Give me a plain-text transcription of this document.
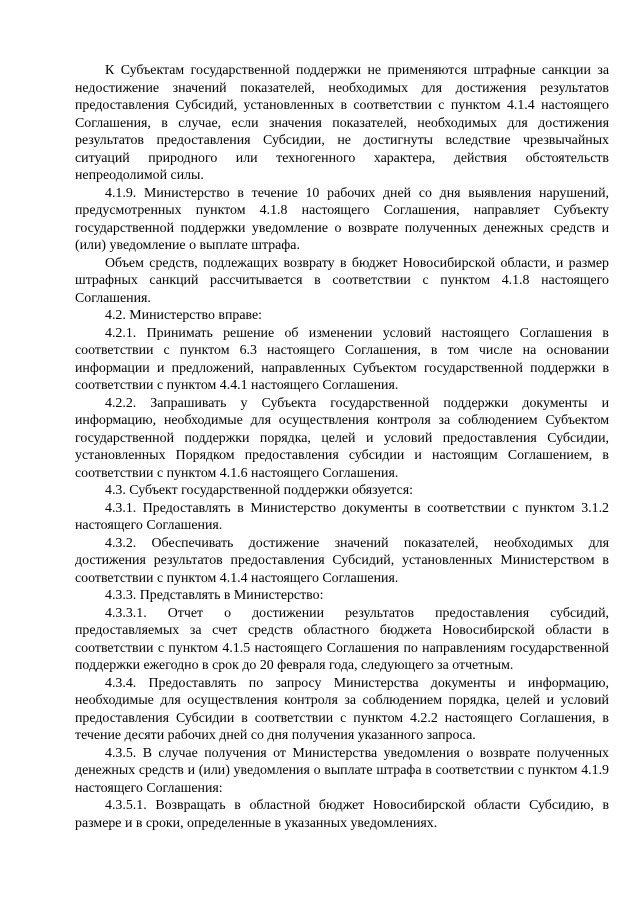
К Субъектам государственной поддержки не применяются штрафные санкции за недостижение значений показателей, необходимых для достижения результатов предоставления Субсидий, установленных в соответствии с пунктом 4.1.4 настоящего Соглашения, в случае, если значения показателей, необходимых для достижения результатов предоставления Субсидии, не достигнуты вследствие чрезвычайных ситуаций природного или техногенного характера, действия обстоятельств непреодолимой силы.

4.1.9. Министерство в течение 10 рабочих дней со дня выявления нарушений, предусмотренных пунктом 4.1.8 настоящего Соглашения, направляет Субъекту государственной поддержки уведомление о возврате полученных денежных средств и (или) уведомление о выплате штрафа.

Объем средств, подлежащих возврату в бюджет Новосибирской области, и размер штрафных санкций рассчитывается в соответствии с пунктом 4.1.8 настоящего Соглашения.

4.2. Министерство вправе:

4.2.1. Принимать решение об изменении условий настоящего Соглашения в соответствии с пунктом 6.3 настоящего Соглашения, в том числе на основании информации и предложений, направленных Субъектом государственной поддержки в соответствии с пунктом 4.4.1 настоящего Соглашения.

4.2.2. Запрашивать у Субъекта государственной поддержки документы и информацию, необходимые для осуществления контроля за соблюдением Субъектом государственной поддержки порядка, целей и условий предоставления Субсидии, установленных Порядком предоставления субсидии и настоящим Соглашением, в соответствии с пунктом 4.1.6 настоящего Соглашения.

4.3. Субъект государственной поддержки обязуется:

4.3.1. Предоставлять в Министерство документы в соответствии с пунктом 3.1.2 настоящего Соглашения.

4.3.2. Обеспечивать достижение значений показателей, необходимых для достижения результатов предоставления Субсидий, установленных Министерством в соответствии с пунктом 4.1.4 настоящего Соглашения.

4.3.3. Представлять в Министерство:

4.3.3.1. Отчет о достижении результатов предоставления субсидий, предоставляемых за счет средств областного бюджета Новосибирской области в соответствии с пунктом 4.1.5 настоящего Соглашения по направлениям государственной поддержки ежегодно в срок до 20 февраля года, следующего за отчетным.

4.3.4. Предоставлять по запросу Министерства документы и информацию, необходимые для осуществления контроля за соблюдением порядка, целей и условий предоставления Субсидии в соответствии с пунктом 4.2.2 настоящего Соглашения, в течение десяти рабочих дней со дня получения указанного запроса.

4.3.5. В случае получения от Министерства уведомления о возврате полученных денежных средств и (или) уведомления о выплате штрафа в соответствии с пунктом 4.1.9 настоящего Соглашения:

4.3.5.1. Возвращать в областной бюджет Новосибирской области Субсидию, в размере и в сроки, определенные в указанных уведомлениях.
